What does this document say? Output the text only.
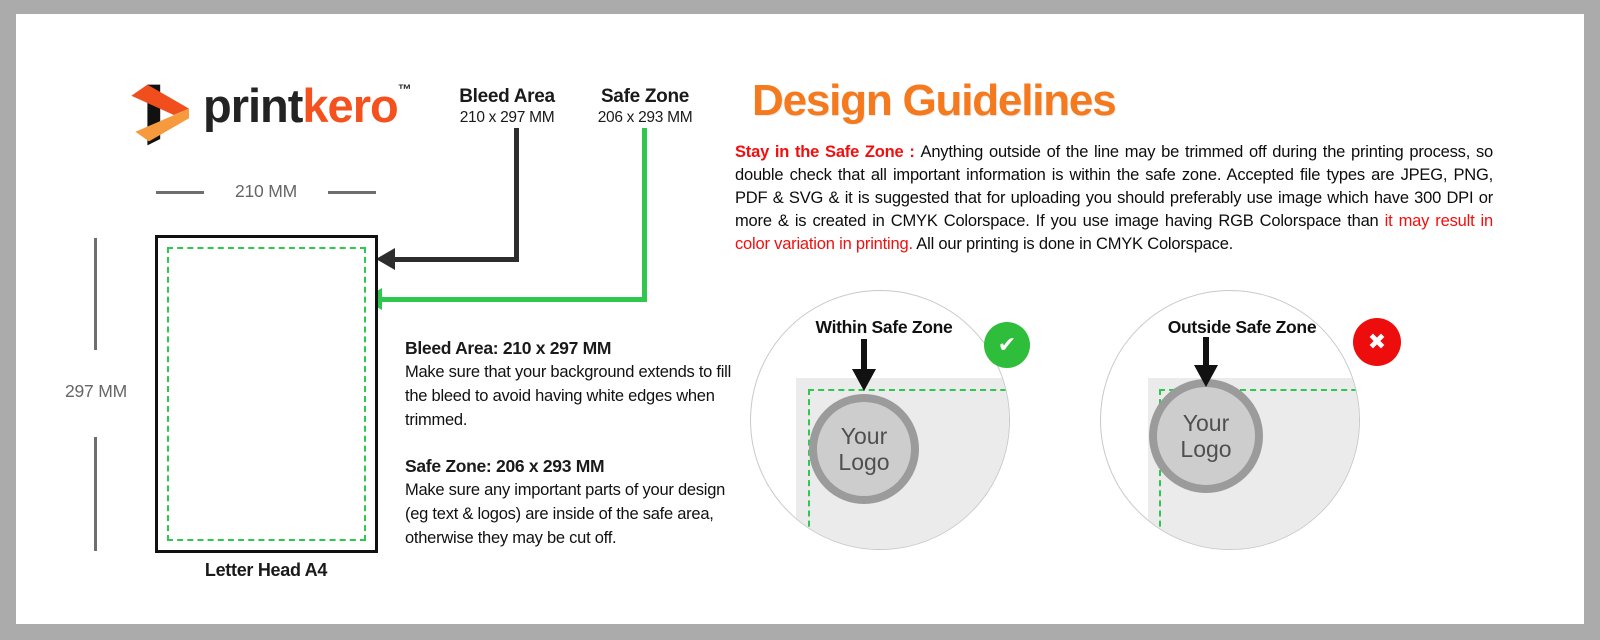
printkero™	Bleed Area
210 x 297 MM
Safe Zone
206 x 293 MM
210 MM
297 MM
Letter Head A4
Bleed Area: 210 x 297 MM
Make sure that your background extends to fill the bleed to avoid having white edges when trimmed.
Safe Zone: 206 x 293 MM
Make sure any important parts of your design (eg text & logos) are inside of the safe area, otherwise they may be cut off.
Design Guidelines
Stay in the Safe Zone : Anything outside of the line may be trimmed off during the printing process, so double check that all important information is within the safe zone. Accepted file types are JPEG, PNG, PDF & SVG & it is suggested that for uploading you should preferably use image which have 300 DPI or more & is created in CMYK Colorspace. If you use image having RGB Colorspace than it may result in color variation in printing. All our printing is done in CMYK Colorspace.
Your
Logo
Within Safe Zone
✔
Your
Logo
Outside Safe Zone
✖
